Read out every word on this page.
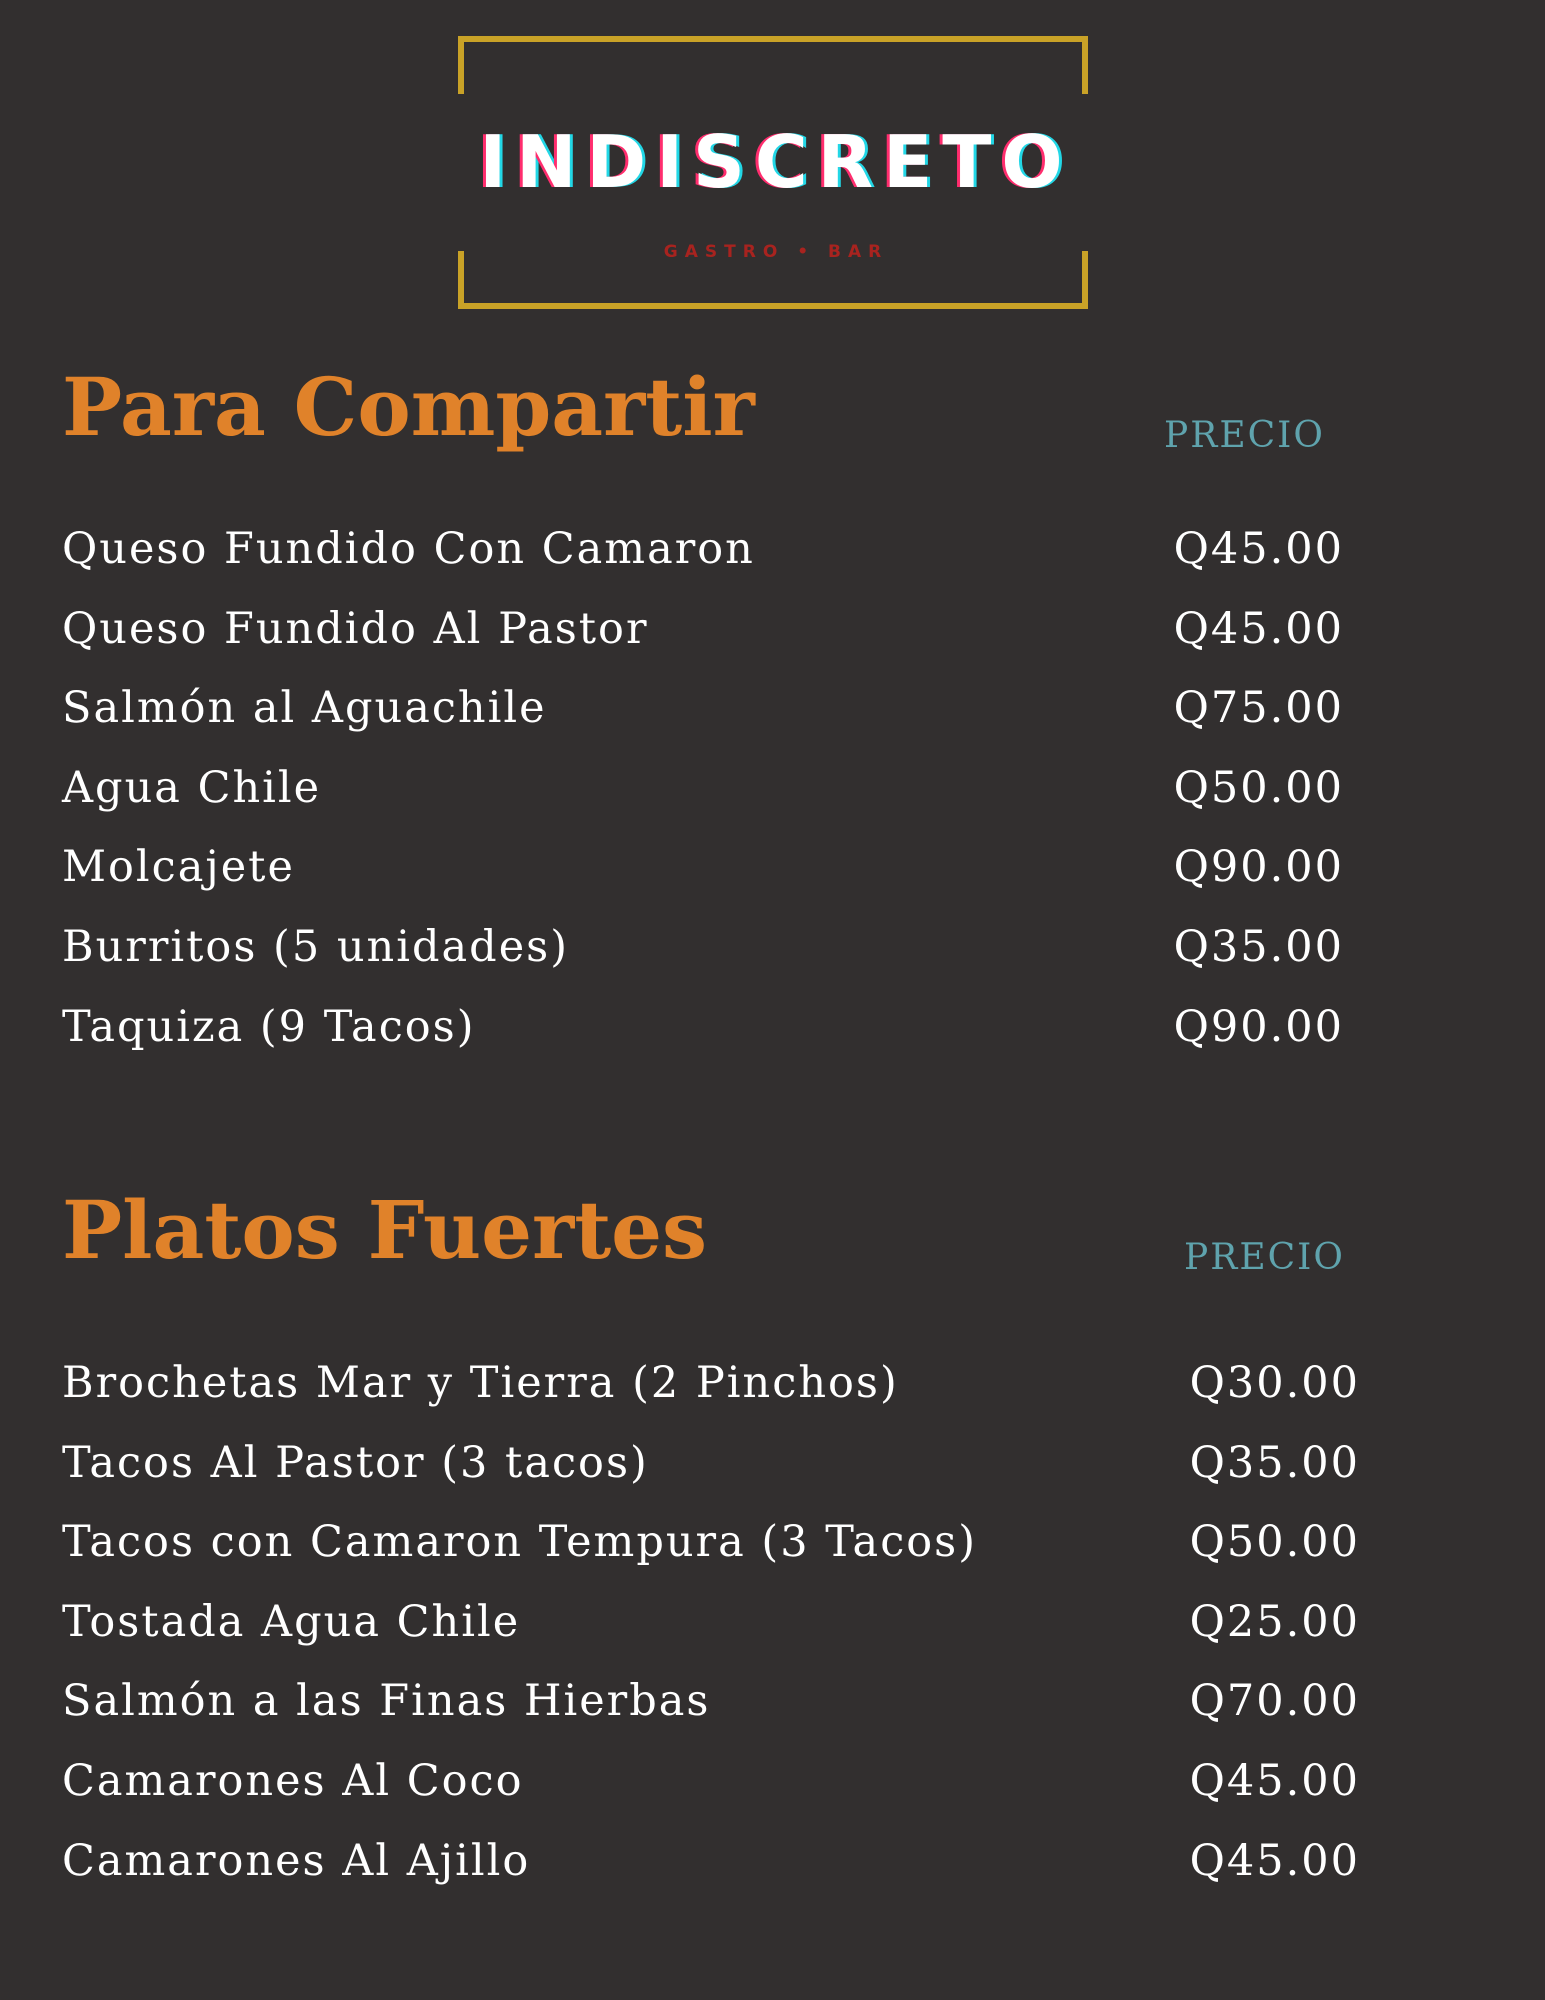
INDISCRETO
GASTRO • BAR
Para Compartir	PRECIO
Queso Fundido Con Camaron	Q45.00
Queso Fundido Al Pastor	Q45.00
Salmón al Aguachile	Q75.00
Agua Chile	Q50.00
Molcajete	Q90.00
Burritos (5 unidades)	Q35.00
Taquiza (9 Tacos)	Q90.00
Platos Fuertes	PRECIO
Brochetas Mar y Tierra (2 Pinchos)	Q30.00
Tacos Al Pastor (3 tacos)	Q35.00
Tacos con Camaron Tempura (3 Tacos)	Q50.00
Tostada Agua Chile	Q25.00
Salmón a las Finas Hierbas	Q70.00
Camarones Al Coco	Q45.00
Camarones Al Ajillo	Q45.00
